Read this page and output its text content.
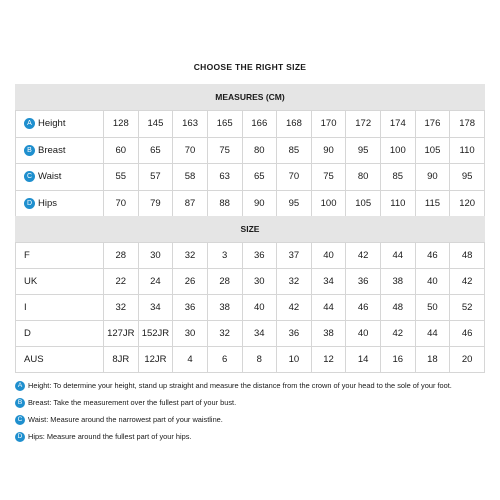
CHOOSE THE RIGHT SIZE
MEASURES (CM)
A Height	128	145	163	165	166	168	170	172	174	176	178
B Breast	60	65	70	75	80	85	90	95	100	105	110
C Waist	55	57	58	63	65	70	75	80	85	90	95
D Hips	70	79	87	88	90	95	100	105	110	115	120
SIZE
F	28	30	32	3	36	37	40	42	44	46	48
UK	22	24	26	28	30	32	34	36	38	40	42
I	32	34	36	38	40	42	44	46	48	50	52
D	127JR	152JR	30	32	34	36	38	40	42	44	46
AUS	8JR	12JR	4	6	8	10	12	14	16	18	20
A Height: To determine your height, stand up straight and measure the distance from the crown of your head to the sole of your foot.
B Breast: Take the measurement over the fullest part of your bust.
C Waist: Measure around the narrowest part of your waistline.
D Hips: Measure around the fullest part of your hips.
